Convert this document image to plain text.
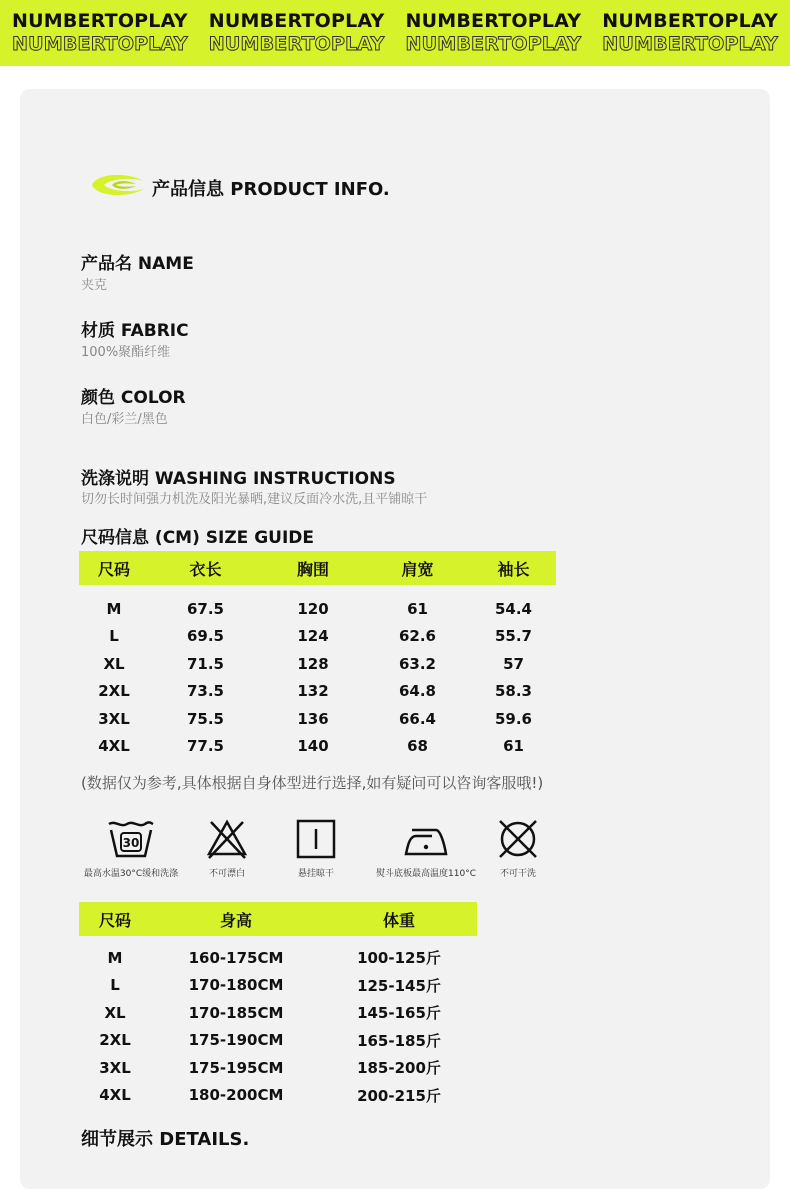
NUMBERTOPLAY
NUMBERTOPLAY
NUMBERTOPLAY
NUMBERTOPLAY
NUMBERTOPLAY
NUMBERTOPLAY
NUMBERTOPLAY
NUMBERTOPLAY
产品信息 PRODUCT INFO.
产品名 NAME
夹克
材质 FABRIC
100%聚酯纤维
颜色 COLOR
白色/彩兰/黑色
洗涤说明 WASHING INSTRUCTIONS
切勿长时间强力机洗及阳光暴晒,建议反面冷水洗,且平铺晾干
尺码信息 (CM) SIZE GUIDE
尺码	衣长	胸围	肩宽	袖长

M	67.5	120	61	54.4
L	69.5	124	62.6	55.7
XL	71.5	128	63.2	57
2XL	73.5	132	64.8	58.3
3XL	75.5	136	66.4	59.6
4XL	77.5	140	68	61
(数据仅为参考,具体根据自身体型进行选择,如有疑问可以咨询客服哦!)
30
最高水温30°C缓和洗涤	不可漂白	悬挂晾干	熨斗底板最高温度110°C	不可干洗
尺码	身高	体重

M	160-175CM	100-125斤
L	170-180CM	125-145斤
XL	170-185CM	145-165斤
2XL	175-190CM	165-185斤
3XL	175-195CM	185-200斤
4XL	180-200CM	200-215斤
细节展示 DETAILS.
